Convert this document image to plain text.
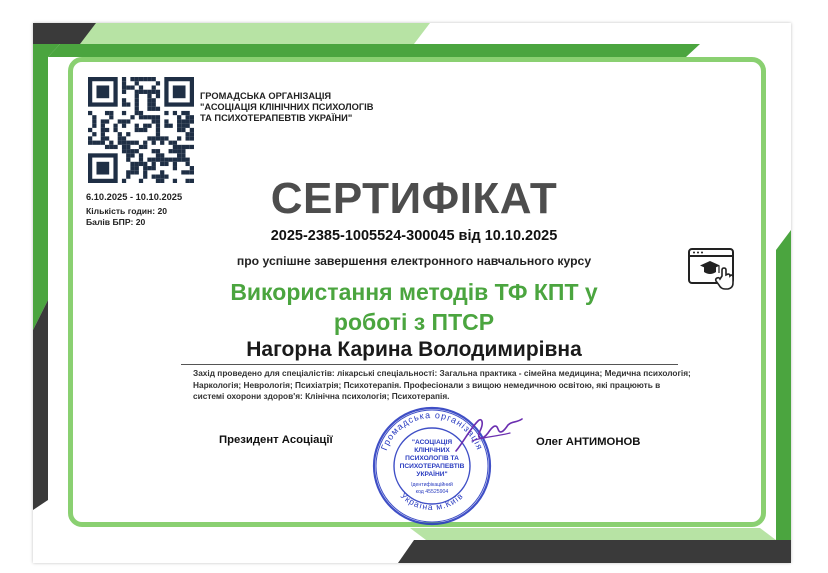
ГРОМАДСЬКА ОРГАНІЗАЦІЯ
"АСОЦІАЦІЯ КЛІНІЧНИХ ПСИХОЛОГІВ
ТА ПСИХОТЕРАПЕВТІВ УКРАЇНИ"
6.10.2025 - 10.10.2025
Кількість годин: 20
Балів БПР: 20	СЕРТИФІКАТ
2025-2385-1005524-300045 від 10.10.2025
про успішне завершення електронного навчального курсу
Використання методів ТФ КПТ у
роботі з ПТСР
Нагорна Карина Володимирівна
Захід проведено для спеціалістів: лікарські спеціальності: Загальна практика - сімейна медицина; Медична психологія; Наркологія; Неврологія; Психіатрія; Психотерапія. Професіонали з вищою немедичною освітою, які працюють в системі охорони здоров'я: Клінічна психологія; Психотерапія.
Президент Асоціації	Олег АНТИМОНОВ
Громадська організація
Україна м.Київ
"АСОЦІАЦІЯ
КЛІНІЧНИХ
ПСИХОЛОГІВ ТА
ПСИХОТЕРАПЕВТІВ
УКРАЇНИ"
Ідентифікаційний
код 45525904
